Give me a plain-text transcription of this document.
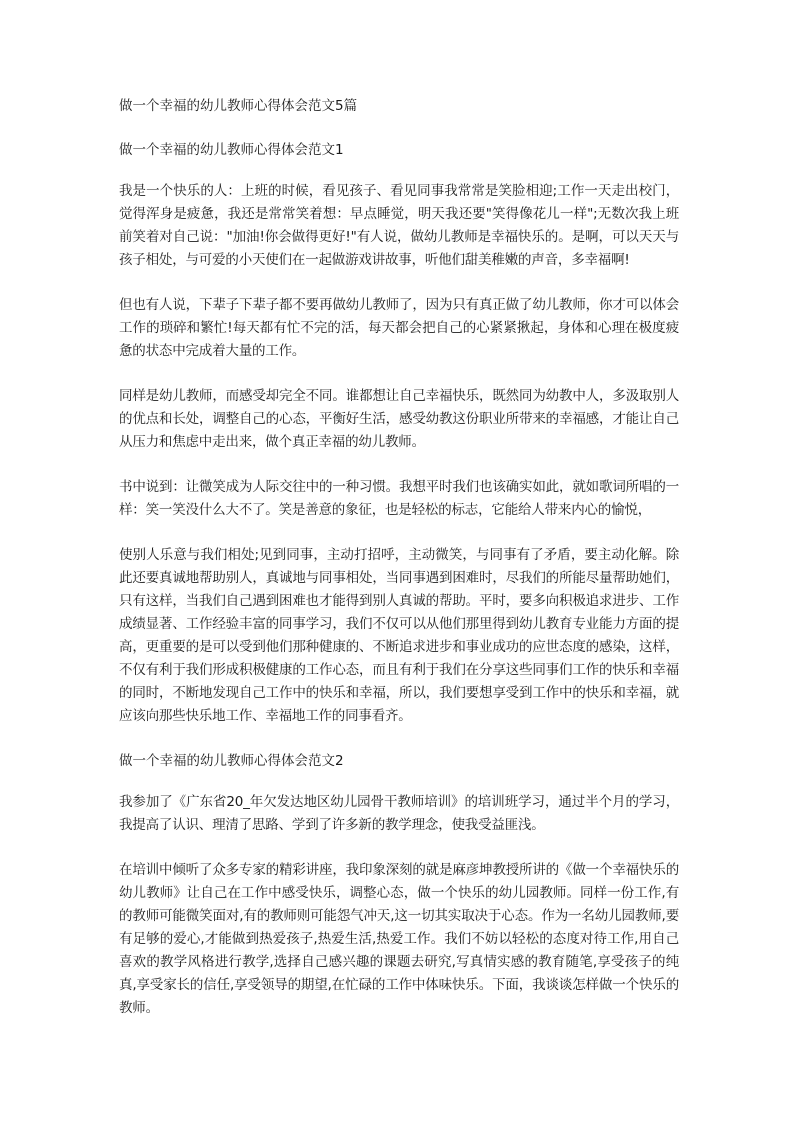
做一个幸福的幼儿教师心得体会范文5篇
做一个幸福的幼儿教师心得体会范文1

我是一个快乐的人：上班的时候，看见孩子、看见同事我常常是笑脸相迎;工作一天走出校门，觉得浑身是疲惫，我还是常常笑着想：早点睡觉，明天我还要"笑得像花儿一样";无数次我上班前笑着对自己说："加油!你会做得更好!"有人说，做幼儿教师是幸福快乐的。是啊，可以天天与孩子相处，与可爱的小天使们在一起做游戏讲故事，听他们甜美稚嫩的声音，多幸福啊!

但也有人说，下辈子下辈子都不要再做幼儿教师了，因为只有真正做了幼儿教师，你才可以体会工作的琐碎和繁忙!每天都有忙不完的活，每天都会把自己的心紧紧揪起，身体和心理在极度疲惫的状态中完成着大量的工作。

同样是幼儿教师，而感受却完全不同。谁都想让自己幸福快乐，既然同为幼教中人，多汲取别人的优点和长处，调整自己的心态，平衡好生活，感受幼教这份职业所带来的幸福感，才能让自己从压力和焦虑中走出来，做个真正幸福的幼儿教师。

书中说到：让微笑成为人际交往中的一种习惯。我想平时我们也该确实如此，就如歌词所唱的一样：笑一笑没什么大不了。笑是善意的象征，也是轻松的标志，它能给人带来内心的愉悦，

使别人乐意与我们相处;见到同事，主动打招呼，主动微笑，与同事有了矛盾，要主动化解。除此还要真诚地帮助别人，真诚地与同事相处，当同事遇到困难时，尽我们的所能尽量帮助她们，只有这样，当我们自己遇到困难也才能得到别人真诚的帮助。平时，要多向积极追求进步、工作成绩显著、工作经验丰富的同事学习，我们不仅可以从他们那里得到幼儿教育专业能力方面的提高，更重要的是可以受到他们那种健康的、不断追求进步和事业成功的应世态度的感染，这样，不仅有利于我们形成积极健康的工作心态，而且有利于我们在分享这些同事们工作的快乐和幸福的同时，不断地发现自己工作中的快乐和幸福，所以，我们要想享受到工作中的快乐和幸福，就应该向那些快乐地工作、幸福地工作的同事看齐。

做一个幸福的幼儿教师心得体会范文2

我参加了《广东省20_年欠发达地区幼儿园骨干教师培训》的培训班学习，通过半个月的学习，我提高了认识、理清了思路、学到了许多新的教学理念，使我受益匪浅。

在培训中倾听了众多专家的精彩讲座，我印象深刻的就是麻彦坤教授所讲的《做一个幸福快乐的幼儿教师》让自己在工作中感受快乐，调整心态，做一个快乐的幼儿园教师。同样一份工作,有的教师可能微笑面对,有的教师则可能怨气冲天,这一切其实取决于心态。作为一名幼儿园教师,要有足够的爱心,才能做到热爱孩子,热爱生活,热爱工作。我们不妨以轻松的态度对待工作,用自己喜欢的教学风格进行教学,选择自己感兴趣的课题去研究,写真情实感的教育随笔,享受孩子的纯真,享受家长的信任,享受领导的期望,在忙碌的工作中体味快乐。下面，我谈谈怎样做一个快乐的教师。
